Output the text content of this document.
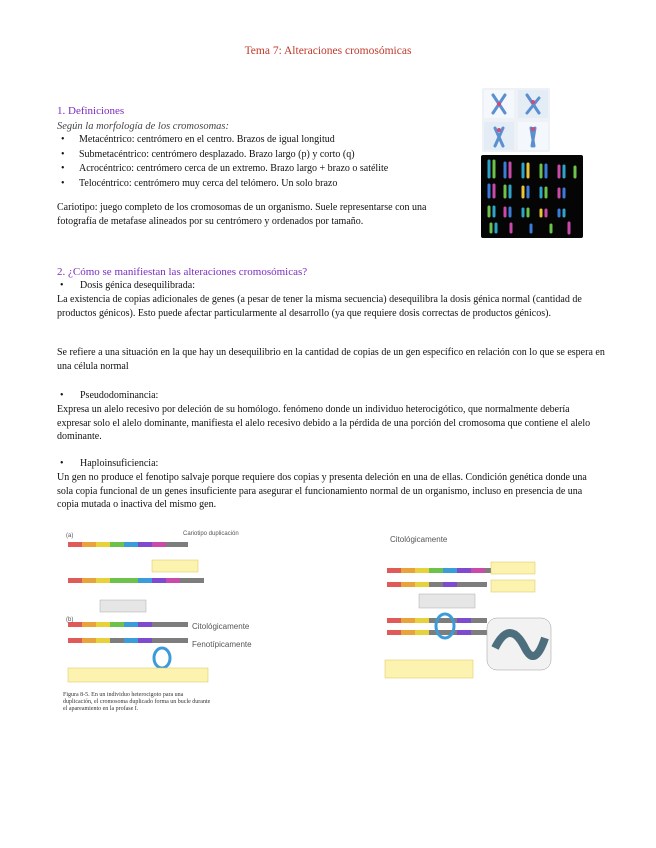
Tema 7: Alteraciones cromosómicas
1. Definiciones
Según la morfología de los cromosomas:
• Metacéntrico: centrómero en el centro. Brazos de igual longitud
• Submetacéntrico: centrómero desplazado. Brazo largo (p) y corto (q)
• Acrocéntrico: centrómero cerca de un extremo. Brazo largo + brazo o satélite
• Telocéntrico: centrómero muy cerca del telómero. Un solo brazo
Cariotipo: juego completo de los cromosomas de un organismo. Suele representarse con una fotografía de metafase alineados por su centrómero y ordenados por tamaño.
2. ¿Cómo se manifiestan las alteraciones cromosómicas?
• Dosis génica desequilibrada:
La existencia de copias adicionales de genes (a pesar de tener la misma secuencia) desequilibra la dosis génica normal (cantidad de productos génicos). Esto puede afectar particularmente al desarrollo (ya que requiere dosis correctas de productos génicos).
Se refiere a una situación en la que hay un desequilibrio en la cantidad de copias de un gen específico en relación con lo que se espera en una célula normal
• Pseudodominancia:
Expresa un alelo recesivo por deleción de su homólogo. fenómeno donde un individuo heterocigótico, que normalmente debería expresar solo el alelo dominante, manifiesta el alelo recesivo debido a la pérdida de una porción del cromosoma que contiene el alelo dominante.
• Haploinsuficiencia:
Un gen no produce el fenotipo salvaje porque requiere dos copias y presenta deleción en una de ellas. Condición genética donde una sola copia funcional de un genes insuficiente para asegurar el funcionamiento normal de un organismo, incluso en presencia de una copia mutada o inactiva del mismo gen.
(a)	Cariotipo duplicación
(b)
Citológicamente
Fenotípicamente
Figura 8-5. En un individuo heterocigoto para una duplicación, el cromosoma duplicado forma un bucle durante el apareamiento en la profase I.
Citológicamente
